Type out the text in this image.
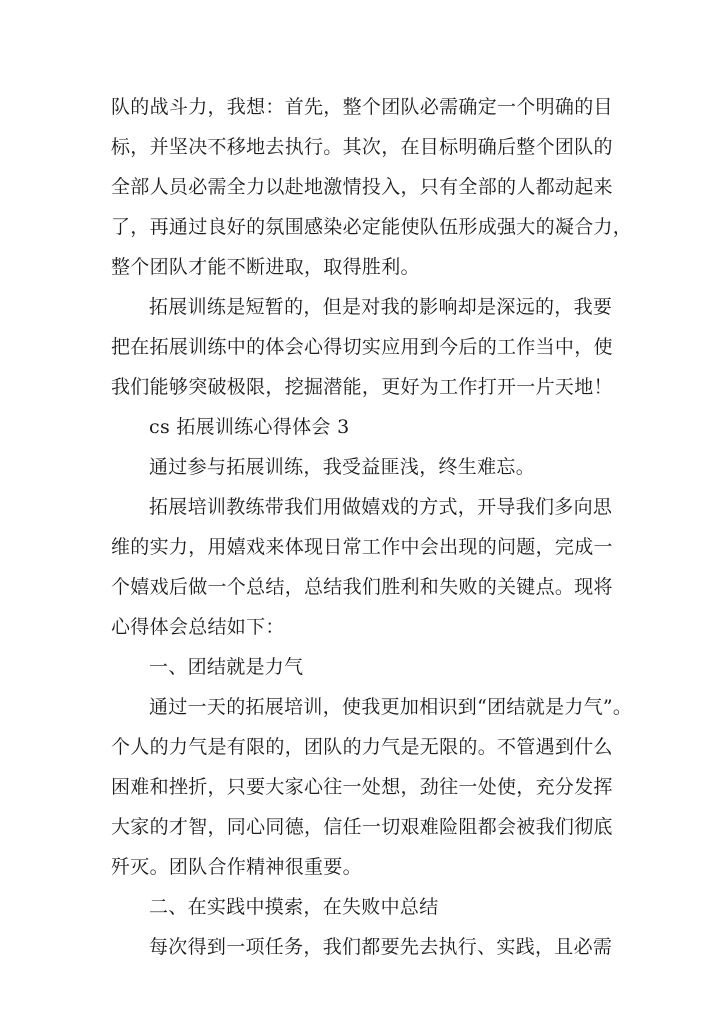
队的战斗力，我想：首先，整个团队必需确定一个明确的目
标，并坚决不移地去执行。其次，在目标明确后整个团队的
全部人员必需全力以赴地激情投入，只有全部的人都动起来
了，再通过良好的氛围感染必定能使队伍形成强大的凝合力，
整个团队才能不断进取，取得胜利。
拓展训练是短暂的，但是对我的影响却是深远的，我要
把在拓展训练中的体会心得切实应用到今后的工作当中，使
我们能够突破极限，挖掘潜能，更好为工作打开一片天地！
cs 拓展训练心得体会 3
通过参与拓展训练，我受益匪浅，终生难忘。
拓展培训教练带我们用做嬉戏的方式，开导我们多向思
维的实力，用嬉戏来体现日常工作中会出现的问题，完成一
个嬉戏后做一个总结，总结我们胜利和失败的关键点。现将
心得体会总结如下：
一、团结就是力气
通过一天的拓展培训，使我更加相识到“团结就是力气”。
个人的力气是有限的，团队的力气是无限的。不管遇到什么
困难和挫折，只要大家心往一处想，劲往一处使，充分发挥
大家的才智，同心同德，信任一切艰难险阻都会被我们彻底
歼灭。团队合作精神很重要。
二、在实践中摸索，在失败中总结
每次得到一项任务，我们都要先去执行、实践，且必需
